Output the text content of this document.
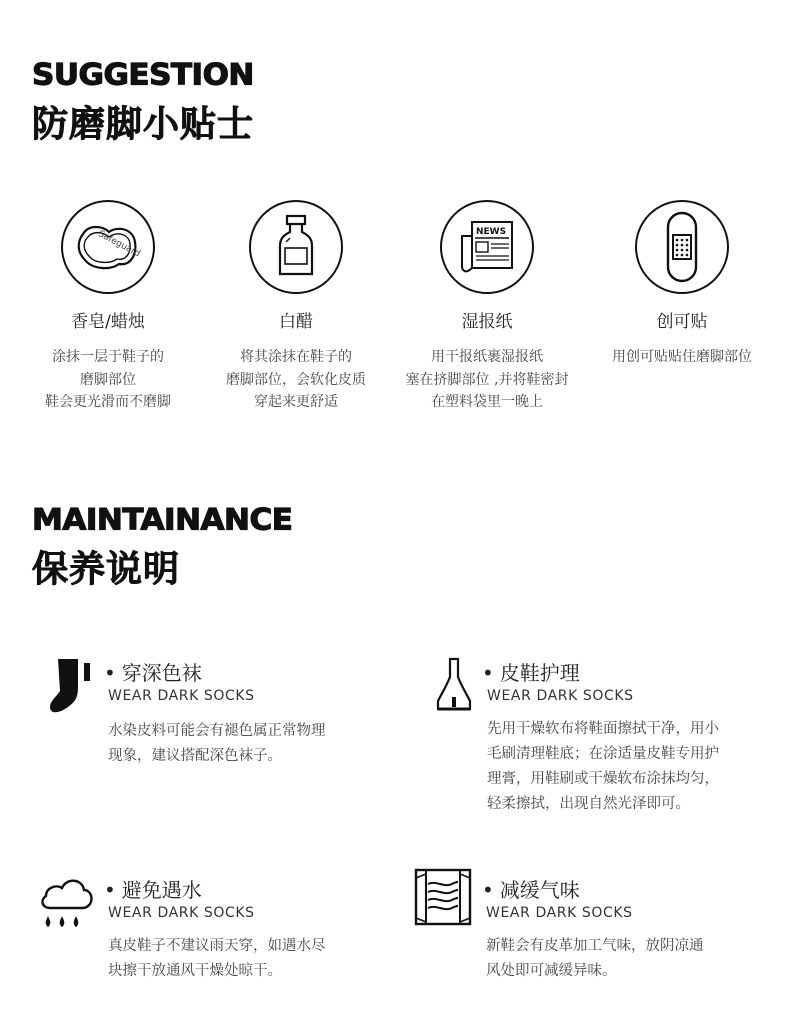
SUGGESTION
防磨脚小贴士
Safeguard
香皂/蜡烛
涂抹一层于鞋子的
磨脚部位
鞋会更光滑而不磨脚
白醋
将其涂抹在鞋子的
磨脚部位，会软化皮质
穿起来更舒适
NEWS
湿报纸
用干报纸裹湿报纸
塞在挤脚部位 ,并将鞋密封
在塑料袋里一晚上
创可贴
用创可贴贴住磨脚部位
MAINTAINANCE
保养说明
• 穿深色袜
WEAR DARK SOCKS
水染皮料可能会有褪色属正常物理
现象，建议搭配深色袜子。
• 皮鞋护理
WEAR DARK SOCKS
先用干燥软布将鞋面擦拭干净，用小
毛刷清理鞋底；在涂适量皮鞋专用护
理膏，用鞋刷或干燥软布涂抹均匀，
轻柔擦拭，出现自然光泽即可。
• 避免遇水
WEAR DARK SOCKS
真皮鞋子不建议雨天穿，如遇水尽
块擦干放通风干燥处晾干。
• 减缓气味
WEAR DARK SOCKS
新鞋会有皮革加工气味，放阴凉通
风处即可减缓异味。
